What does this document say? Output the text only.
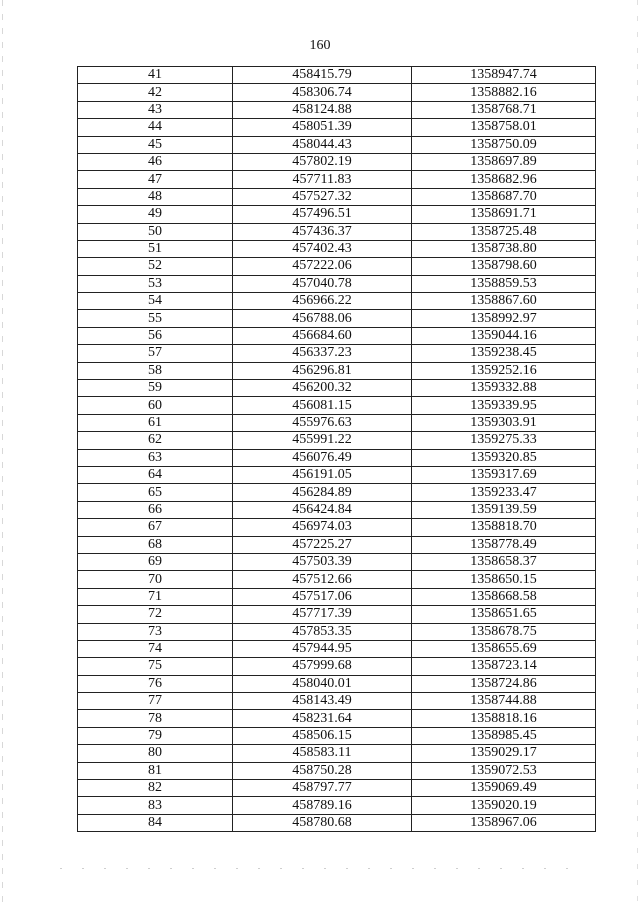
160
41	458415.79	1358947.74
42	458306.74	1358882.16
43	458124.88	1358768.71
44	458051.39	1358758.01
45	458044.43	1358750.09
46	457802.19	1358697.89
47	457711.83	1358682.96
48	457527.32	1358687.70
49	457496.51	1358691.71
50	457436.37	1358725.48
51	457402.43	1358738.80
52	457222.06	1358798.60
53	457040.78	1358859.53
54	456966.22	1358867.60
55	456788.06	1358992.97
56	456684.60	1359044.16
57	456337.23	1359238.45
58	456296.81	1359252.16
59	456200.32	1359332.88
60	456081.15	1359339.95
61	455976.63	1359303.91
62	455991.22	1359275.33
63	456076.49	1359320.85
64	456191.05	1359317.69
65	456284.89	1359233.47
66	456424.84	1359139.59
67	456974.03	1358818.70
68	457225.27	1358778.49
69	457503.39	1358658.37
70	457512.66	1358650.15
71	457517.06	1358668.58
72	457717.39	1358651.65
73	457853.35	1358678.75
74	457944.95	1358655.69
75	457999.68	1358723.14
76	458040.01	1358724.86
77	458143.49	1358744.88
78	458231.64	1358818.16
79	458506.15	1358985.45
80	458583.11	1359029.17
81	458750.28	1359072.53
82	458797.77	1359069.49
83	458789.16	1359020.19
84	458780.68	1358967.06
